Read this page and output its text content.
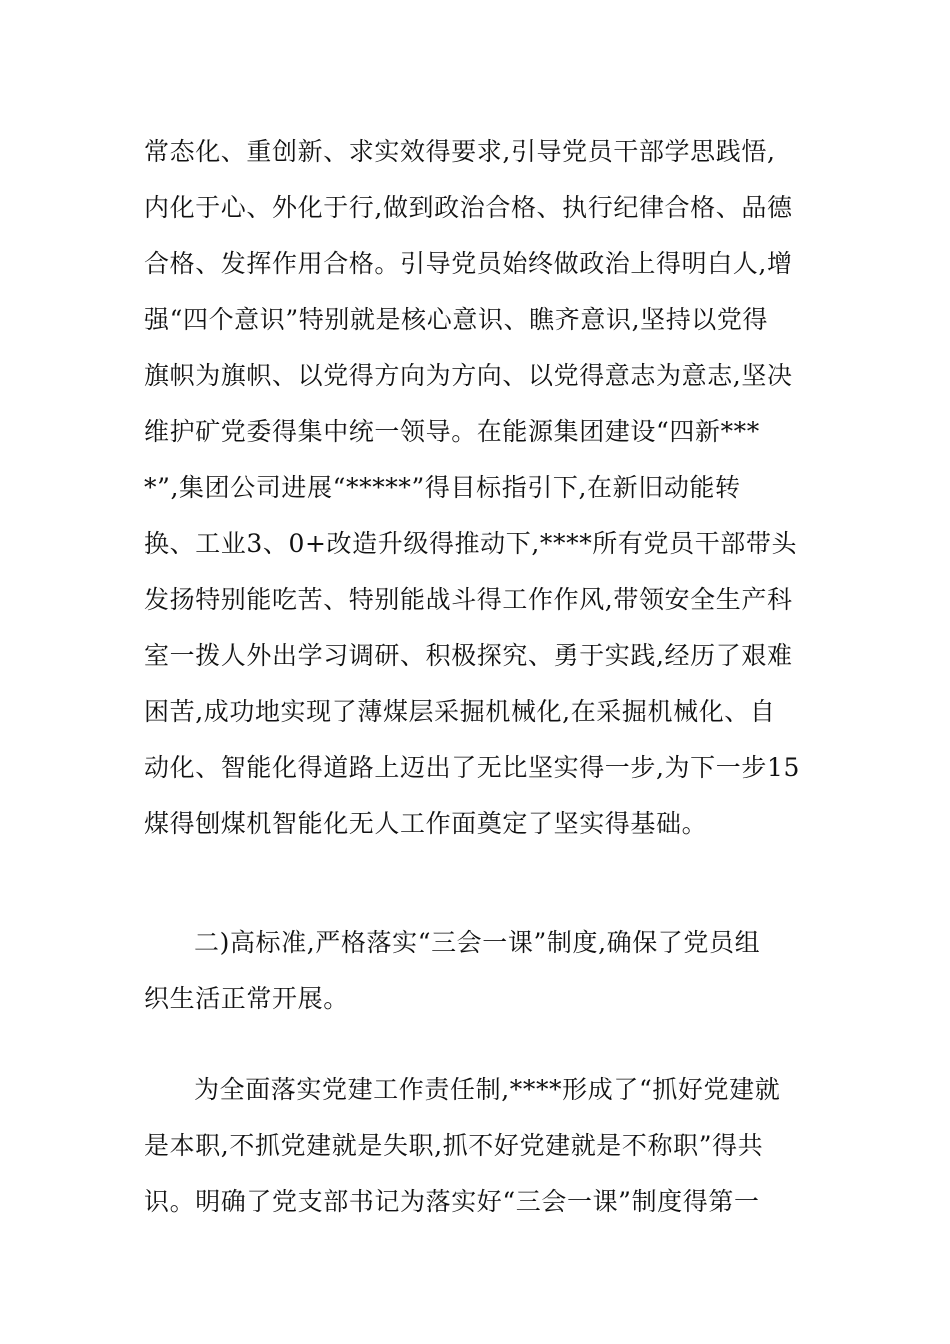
常态化、重创新、求实效得要求,引导党员干部学思践悟,
内化于心、外化于行,做到政治合格、执行纪律合格、品德
合格、发挥作用合格。引导党员始终做政治上得明白人,增
强“四个意识”特别就是核心意识、瞧齐意识,坚持以党得
旗帜为旗帜、以党得方向为方向、以党得意志为意志,坚决
维护矿党委得集中统一领导。在能源集团建设“四新***
*”,集团公司进展“*****”得目标指引下,在新旧动能转
换、工业3、0+改造升级得推动下,****所有党员干部带头
发扬特别能吃苦、特别能战斗得工作作风,带领安全生产科
室一拨人外出学习调研、积极探究、勇于实践,经历了艰难
困苦,成功地实现了薄煤层采掘机械化,在采掘机械化、自
动化、智能化得道路上迈出了无比坚实得一步,为下一步15
煤得刨煤机智能化无人工作面奠定了坚实得基础。
二)高标准,严格落实“三会一课”制度,确保了党员组
织生活正常开展。
为全面落实党建工作责任制,****形成了“抓好党建就
是本职,不抓党建就是失职,抓不好党建就是不称职”得共
识。明确了党支部书记为落实好“三会一课”制度得第一
